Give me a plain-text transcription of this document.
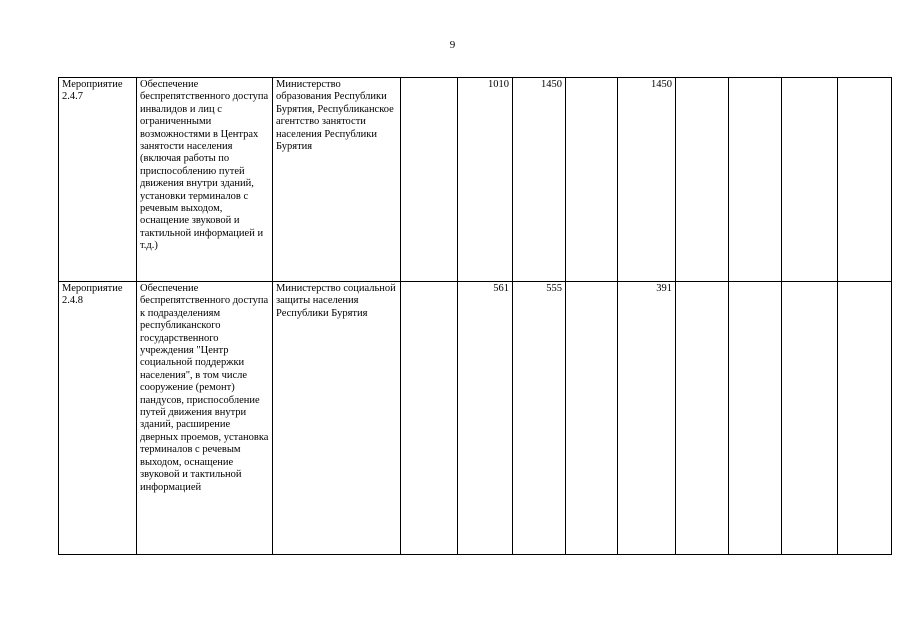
9
Мероприятие 2.4.7	Обеспечение беспрепятственного доступа инвалидов и лиц с ограниченными возможностями в Центрах занятости населения (включая работы по приспособлению путей движения внутри зданий, установки терминалов с речевым выходом, оснащение звуковой и тактильной информацией и т.д.)	Министерство образования Республики Бурятия, Республиканское агентство занятости населения Республики Бурятия		1010	1450		1450				
Мероприятие 2.4.8	Обеспечение беспрепятственного доступа к подразделениям республиканского государственного учреждения "Центр социальной поддержки населения", в том числе сооружение (ремонт) пандусов, приспособление путей движения внутри зданий, расширение дверных проемов, установка терминалов с речевым выходом, оснащение звуковой и тактильной информацией	Министерство социальной защиты населения Республики Бурятия		561	555		391				
